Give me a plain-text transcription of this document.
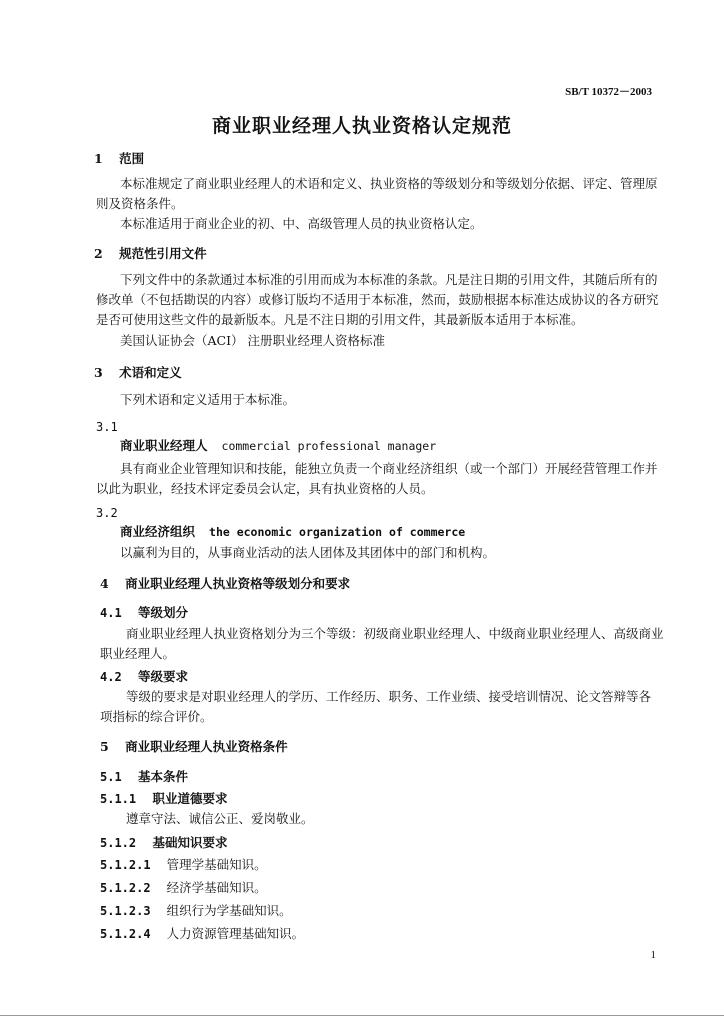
SB/T 10372－2003
商业职业经理人执业资格认定规范
1 范围
本标准规定了商业职业经理人的术语和定义、执业资格的等级划分和等级划分依据、评定、管理原
则及资格条件。
本标准适用于商业企业的初、中、高级管理人员的执业资格认定。
2 规范性引用文件
下列文件中的条款通过本标准的引用而成为本标准的条款。凡是注日期的引用文件，其随后所有的
修改单（不包括勘误的内容）或修订版均不适用于本标准，然而，鼓励根据本标准达成协议的各方研究
是否可使用这些文件的最新版本。凡是不注日期的引用文件，其最新版本适用于本标准。
美国认证协会（ACI） 注册职业经理人资格标准
3 术语和定义
下列术语和定义适用于本标准。
3.1
商业职业经理人 commercial professional manager
具有商业企业管理知识和技能，能独立负责一个商业经济组织（或一个部门）开展经营管理工作并
以此为职业，经技术评定委员会认定，具有执业资格的人员。
3.2
商业经济组织 the economic organization of commerce
以赢利为目的，从事商业活动的法人团体及其团体中的部门和机构。
4 商业职业经理人执业资格等级划分和要求
4.1 等级划分
商业职业经理人执业资格划分为三个等级：初级商业职业经理人、中级商业职业经理人、高级商业
职业经理人。
4.2 等级要求
等级的要求是对职业经理人的学历、工作经历、职务、工作业绩、接受培训情况、论文答辩等各
项指标的综合评价。
5 商业职业经理人执业资格条件
5.1 基本条件
5.1.1 职业道德要求
遵章守法、诚信公正、爱岗敬业。
5.1.2 基础知识要求
5.1.2.1 管理学基础知识。
5.1.2.2 经济学基础知识。
5.1.2.3 组织行为学基础知识。
5.1.2.4 人力资源管理基础知识。
1
